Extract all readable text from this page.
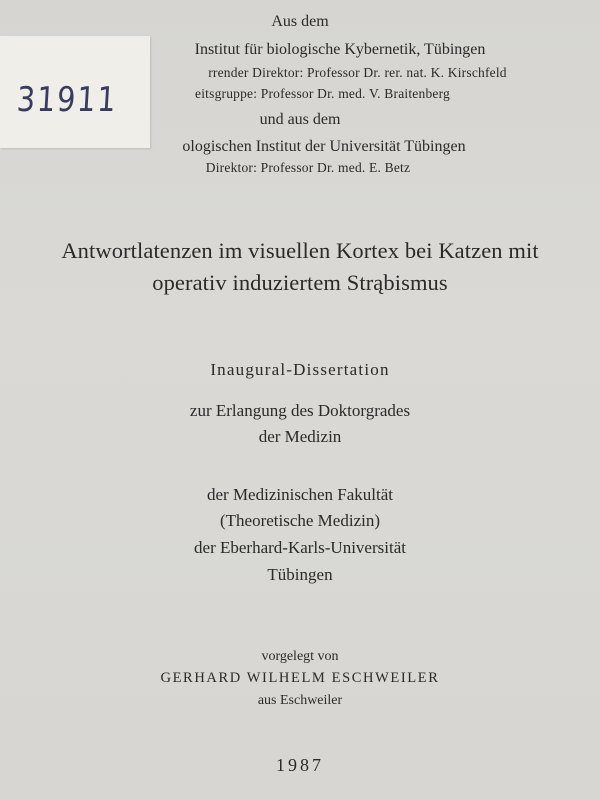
Aus dem
Institut für biologische Kybernetik, Tübingen
rrender Direktor: Professor Dr. rer. nat. K. Kirschfeld
eitsgruppe: Professor Dr. med. V. Braitenberg
und aus dem
ologischen Institut der Universität Tübingen
Direktor: Professor Dr. med. E. Betz
31911
Antwortlatenzen im visuellen Kortex bei Katzen mit
operativ induziertem Strąbismus
Inaugural-Dissertation
zur Erlangung des Doktorgrades
der Medizin
der Medizinischen Fakultät
(Theoretische Medizin)
der Eberhard-Karls-Universität
Tübingen
vorgelegt von
GERHARD WILHELM ESCHWEILER
aus Eschweiler
1987
